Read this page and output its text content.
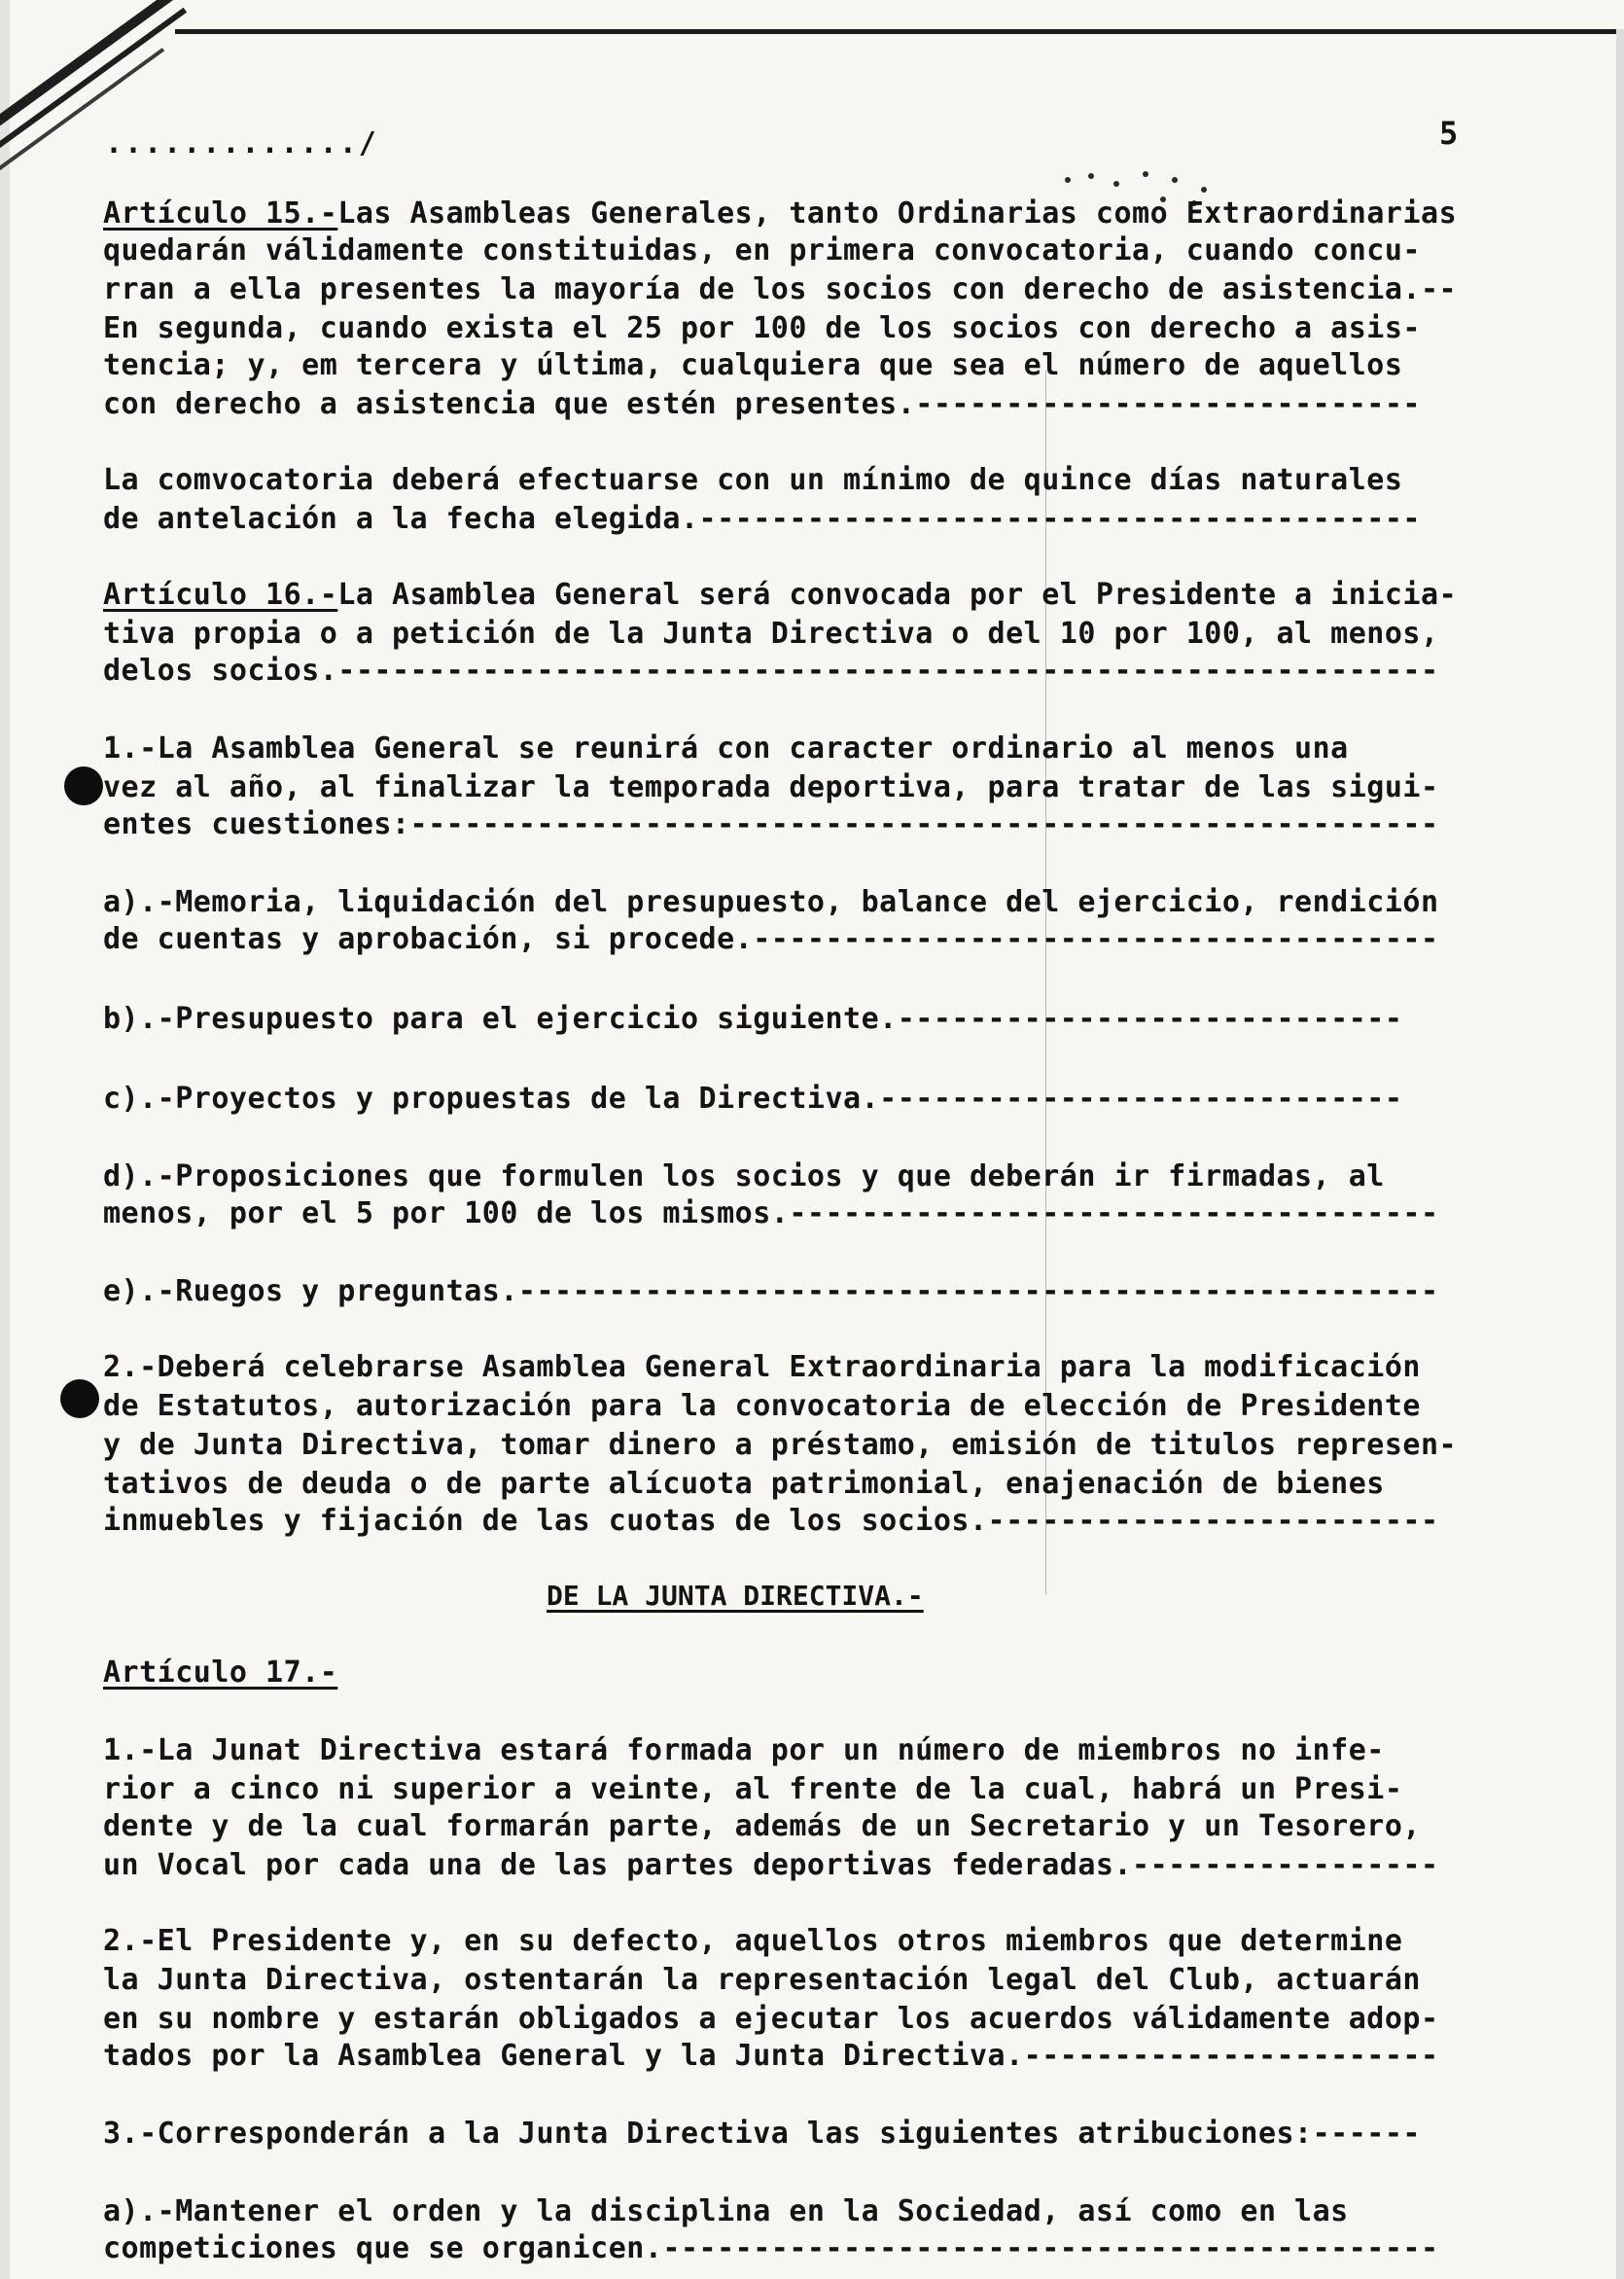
............./	5
Artículo 15.-Las Asambleas Generales, tanto Ordinarias como Extraordinarias
quedarán válidamente constituidas, en primera convocatoria, cuando concu-
rran a ella presentes la mayoría de los socios con derecho de asistencia.--
En segunda, cuando exista el 25 por 100 de los socios con derecho a asis-
tencia; y, em tercera y última, cualquiera que sea el número de aquellos
con derecho a asistencia que estén presentes.----------------------------
La comvocatoria deberá efectuarse con un mínimo de quince días naturales
de antelación a la fecha elegida.----------------------------------------
Artículo 16.-La Asamblea General será convocada por el Presidente a inicia-
tiva propia o a petición de la Junta Directiva o del 10 por 100, al menos,
delos socios.-------------------------------------------------------------
1.-La Asamblea General se reunirá con caracter ordinario al menos una
vez al año, al finalizar la temporada deportiva, para tratar de las sigui-
entes cuestiones:---------------------------------------------------------
a).-Memoria, liquidación del presupuesto, balance del ejercicio, rendición
de cuentas y aprobación, si procede.--------------------------------------
b).-Presupuesto para el ejercicio siguiente.----------------------------
c).-Proyectos y propuestas de la Directiva.-----------------------------
d).-Proposiciones que formulen los socios y que deberán ir firmadas, al
menos, por el 5 por 100 de los mismos.------------------------------------
e).-Ruegos y preguntas.---------------------------------------------------
2.-Deberá celebrarse Asamblea General Extraordinaria para la modificación
de Estatutos, autorización para la convocatoria de elección de Presidente
y de Junta Directiva, tomar dinero a préstamo, emisión de titulos represen-
tativos de deuda o de parte alícuota patrimonial, enajenación de bienes
inmuebles y fijación de las cuotas de los socios.-------------------------
Artículo 17.-
1.-La Junat Directiva estará formada por un número de miembros no infe-
rior a cinco ni superior a veinte, al frente de la cual, habrá un Presi-
dente y de la cual formarán parte, además de un Secretario y un Tesorero,
un Vocal por cada una de las partes deportivas federadas.-----------------
2.-El Presidente y, en su defecto, aquellos otros miembros que determine
la Junta Directiva, ostentarán la representación legal del Club, actuarán
en su nombre y estarán obligados a ejecutar los acuerdos válidamente adop-
tados por la Asamblea General y la Junta Directiva.-----------------------
3.-Corresponderán a la Junta Directiva las siguientes atribuciones:------
a).-Mantener el orden y la disciplina en la Sociedad, así como en las
competiciones que se organicen.-------------------------------------------
DE LA JUNTA DIRECTIVA.-
